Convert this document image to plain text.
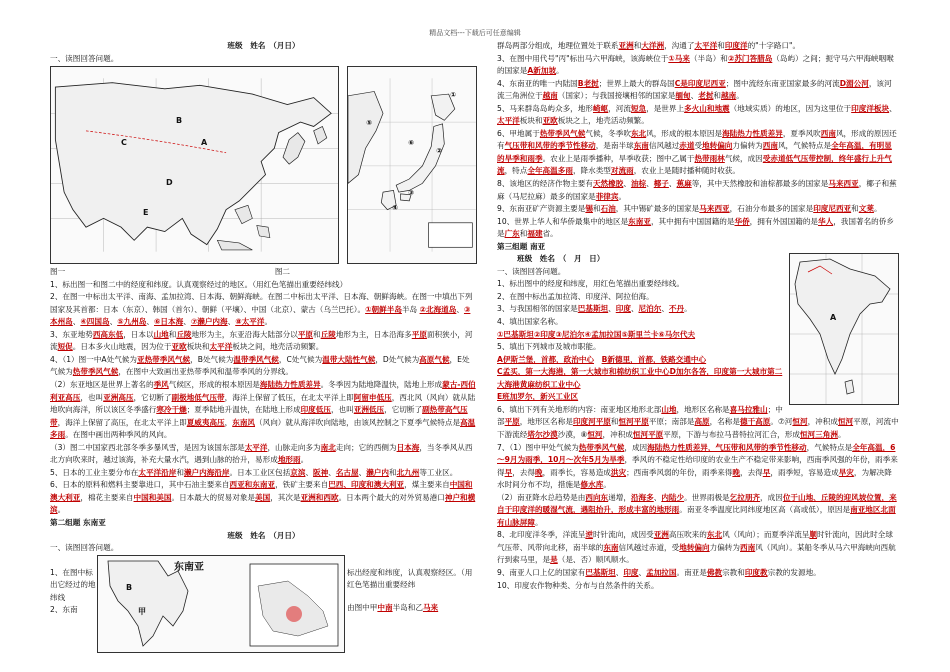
精品文档---下载后可任意编辑

班级　姓名　（月日）

一、读图回答问题。

A
B
C
D
E
①
②
③
④
⑤
⑥
图一	图二

1、标出图一和图二中的经度和纬度。认真观察经过的地区。（用红色笔描出重要经纬线）

2、在图一中标出太平洋、南海、孟加拉湾、日本海、朝鲜海峡。在图二中标出太平洋、日本海、朝鲜海峡。在图一中填出下列国家及其首都：日本（东京）、韩国（首尔）、朝鲜（平壤）、中国（北京）、蒙古（乌兰巴托）。①朝鲜半岛半岛 ②北海道岛、③本州岛、④四国岛、⑤九州岛、⑥日本海、⑦濑户内海、⑧太平洋。

3、东亚地势西高东低，日本以山地和丘陵地形为主，东亚沿海大陆部分以平原和丘陵地形为主，日本沿海多平原面积狭小，河流短促。日本多火山地震，因为位于亚欧板块和太平洋板块之间，地壳活动频繁。

4、（1）图一中A处气候为亚热带季风气候，B处气候为温带季风气候，C处气候为温带大陆性气候，D处气候为高原气候，E处气候为热带季风气候，在图中大致画出亚热带季风和温带季风的分界线。

（2）东亚地区是世界上著名的季风气候区，形成的根本原因是海陆热力性质差异。冬季因为陆地降温快，陆地上形成蒙古-西伯利亚高压，也叫亚洲高压，它切断了副极地低气压带，海洋上保留了低压，在北太平洋上即阿留申低压，西北风（风向）就从陆地吹向海洋，所以该区冬季盛行寒冷干燥；夏季陆地升温快，在陆地上形成印度低压，也叫亚洲低压，它切断了副热带高气压带，海洋上保留了高压，在北太平洋上即夏威夷高压，东南风（风向）就从海洋吹向陆地，由该风控制之下夏季气候特点是高温多雨。在图中画出两种季风的风向。

（3）图二中国家西北部冬季多暴风雪，是因为该国东部是太平洋，山脉走向多为南北走向；它的西侧为日本海，当冬季风从西北方向吹来时，越过该海，补充大量水汽，遇到山脉的抬升，易形成地形雨。

5、日本的工业主要分布在太平洋沿岸和濑户内海沿岸。日本工业区包括京滨、阪神、名古屋、濑户内和北九州等工业区。

6、日本的原料和燃料主要靠进口，其中石油主要来自西亚和东南亚，铁矿主要来自巴西、印度和澳大利亚，煤主要来自中国和澳大利亚，棉花主要来自中国和美国。日本最大的贸易对象是美国，其次是亚洲和西欧。日本两个最大的对外贸易港口神户和横滨。

第二组题 东南亚

班级　姓名　（月日）

一、读图回答问题。

1、在图中标出它经过的地纬线

2、东南

东南亚
甲
B

标出经度和纬度，认真观察经区。（用红色笔描出重要经纬

由图中甲中南半岛和乙马来

群岛两部分组成，地理位置处于联系亚洲和大洋洲，沟通了太平洋和印度洋的"十字路口"。

3、在图中用代号"丙"标出马六甲海峡，该海峡位于①马来（半岛）和②苏门答腊岛（岛屿）之间；扼守马六甲海峡咽喉的国家是A新加坡。

4、东南亚的唯一内陆国B老挝；世界上最大的群岛国C是印度尼西亚；图中流经东南亚国家最多的河流D湄公河，该河流三角洲位于越南（国家）；与我国接壤相邻的国家是缅甸、老挝和越南。

5、马来群岛岛屿众多，地形崎岖，河流短急，是世界上多火山和地震（地域实质）的地区，因为这里位于印度洋板块、太平洋板块和亚欧板块之上，地壳活动频繁。

6、甲地属于热带季风气候气候，冬季吹东北风，形成的根本原因是海陆热力性质差异，夏季风吹西南风，形成的原因还有气压带和风带的季节性移动，是南半球东南信风越过赤道受地转偏向力偏转为西南风，气候特点是全年高温，有明显的旱季和雨季。农业上是雨季播种，旱季收获；图中乙属于热带雨林气候，成因受赤道低气压带控制，终年盛行上升气流，特点全年高温多雨，降水类型对流雨，农业上是随时播种随时收获。

8、该地区的经济作物主要有天然橡胶、油棕、椰子、蕉麻等，其中天然橡胶和油棕都最多的国家是马来西亚，椰子和蕉麻（马尼拉麻）最多的国家是菲律宾。

9、东南亚矿产资源主要是锡和石油，其中锡矿最多的国家是马来西亚，石油分布最多的国家是印度尼西亚和文莱。

10、世界上华人和华侨最集中的地区是东南亚，其中拥有中国国籍的是华侨，拥有外国国籍的是华人，我国著名的侨乡是广东和福建省。

第三组题 南亚

A

班级　姓名　（　月　日）

一、读图回答问题。

1、标出图中的经度和纬度，用红色笔描出重要经纬线。

2、在图中标出孟加拉湾、印度洋、阿拉伯海。

3、与我国相邻的国家是巴基斯坦、印度、尼泊尔、不丹。

4、填出国家名称。

①巴基斯坦②印度③尼泊尔④孟加拉国⑤斯里兰卡⑥马尔代夫

5、填出下列城市及城市职能。

A伊斯兰堡，首都，政治中心　 B新德里，首都，铁路交通中心

C孟买，第一大海港，第一大城市和棉纺织工业中心D加尔各答，印度第一大城市第二大海港黄麻纺织工业中心

E班加罗尔，新兴工业区

6、填出下列有关地形的内容：南亚地区地形北部山地，地形区名称是喜马拉雅山；中部平原，地形区名称是印度河平原和恒河平原平原；南部是高原，名称是德干高原。⑦河恒河，冲积成恒河平原，河流中下游流经塔尔沙漠沙漠，⑧恒河，冲积成恒河平原平原，下游与布拉马普特拉河汇合，形成恒河三角洲。

7、（1）图中甲处气候为热带季风气候，成因海陆热力性质差异，气压带和风带的季节性移动，气候特点是全年高温，6～9月为雨季，10月～次年5月为旱季，季风的不稳定性给印度的农业生产不稳定带来影响，西南季风强的年份，雨季来得早，去得晚，雨季长，容易造成洪灾；西南季风弱的年份，雨季来得晚，去得早，雨季短，容易造成旱灾，为解决降水时间分布不均，措施是修水库。

（2）南亚降水总趋势是由西向东递增，沿海多、内陆少。世界雨极是乞拉朋齐，成因位于山地、丘陵的迎风坡位置，来自于印度洋的暖湿气流，遇阻抬升，形成丰富的地形雨。南亚冬季温度比同纬度地区高（高或低），原因是南亚地区北面有山脉屏障。

8、北印度洋冬季，洋流呈逆时针流向，成因受亚洲高压吹来的东北风（风向）；而夏季洋流呈顺时针流向，因此时全球气压带、风带向北移，南半球的东南信风越过赤道，受地转偏向力偏转为西南风（风向）。某船冬季从马六甲海峡向西航行到索马里，是是（是、否）顺风顺水。

9、南亚人口上亿的国家有巴基斯坦、印度、孟加拉国。南亚是佛教宗教和印度教宗教的发源地。

10、印度农作物种类、分布与自然条件的关系。
